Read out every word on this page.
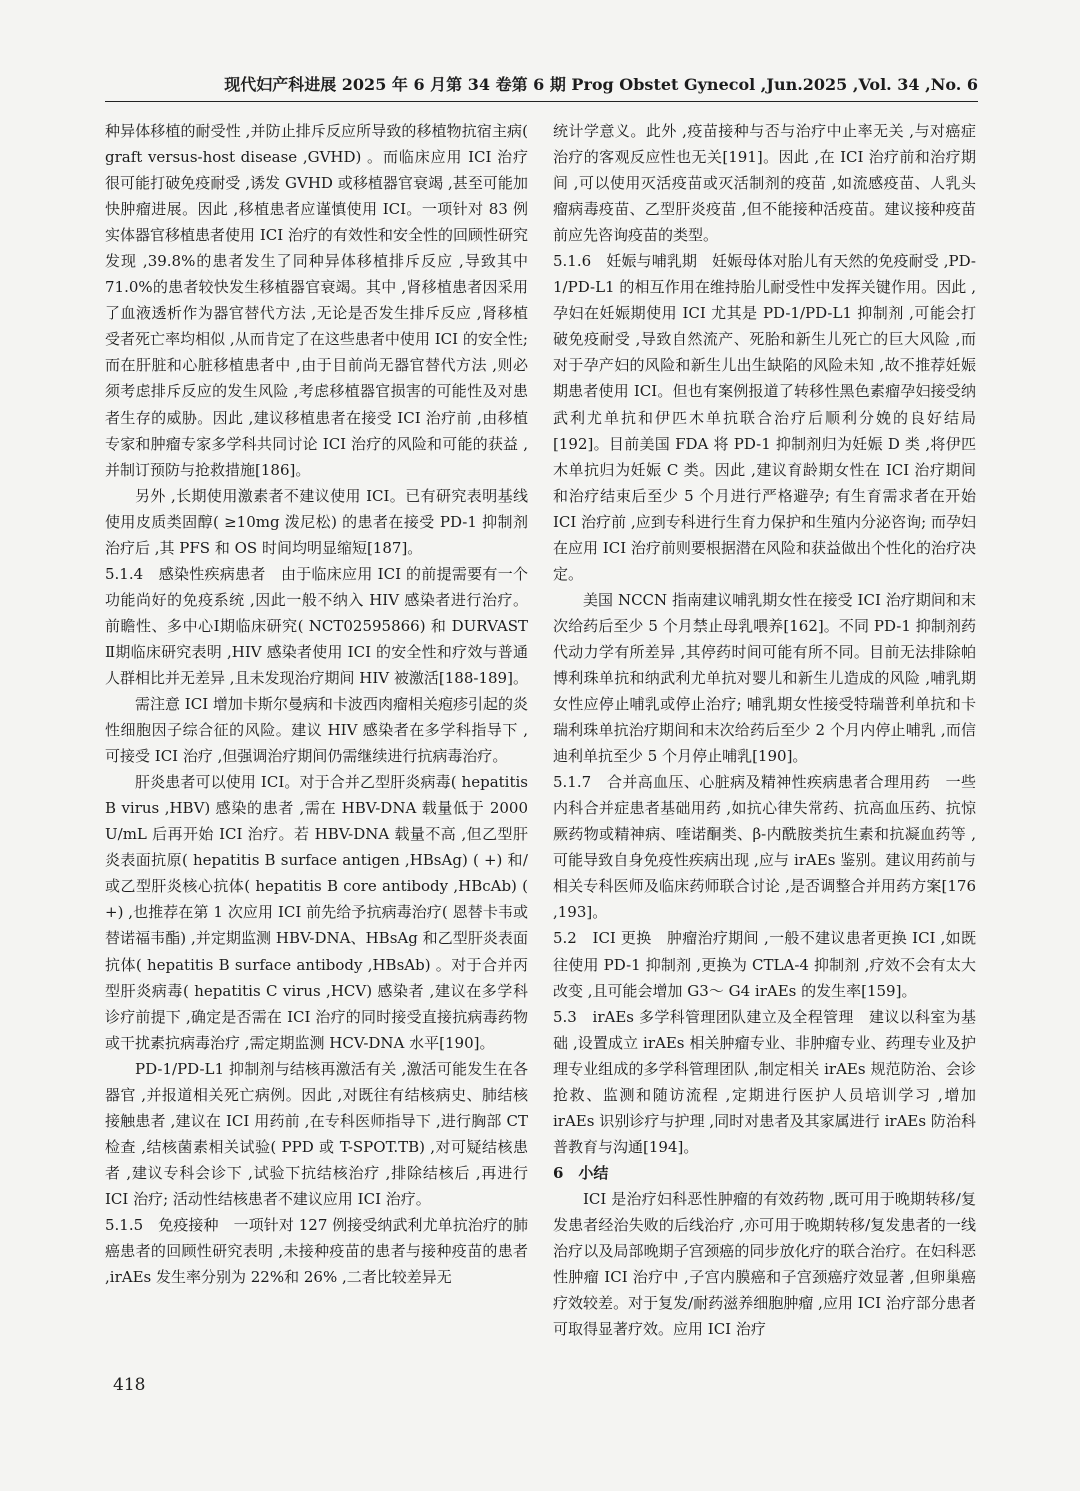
现代妇产科进展 2025 年 6 月第 34 卷第 6 期 Prog Obstet Gynecol ,Jun.2025 ,Vol. 34 ,No. 6

种异体移植的耐受性 ,并防止排斥反应所导致的移植物抗宿主病( graft versus-host disease ,GVHD) 。而临床应用 ICI 治疗很可能打破免疫耐受 ,诱发 GVHD 或移植器官衰竭 ,甚至可能加快肿瘤进展。因此 ,移植患者应谨慎使用 ICI。一项针对 83 例实体器官移植患者使用 ICI 治疗的有效性和安全性的回顾性研究发现 ,39.8%的患者发生了同种异体移植排斥反应 ,导致其中 71.0%的患者较快发生移植器官衰竭。其中 ,肾移植患者因采用了血液透析作为器官替代方法 ,无论是否发生排斥反应 ,肾移植受者死亡率均相似 ,从而肯定了在这些患者中使用 ICI 的安全性; 而在肝脏和心脏移植患者中 ,由于目前尚无器官替代方法 ,则必须考虑排斥反应的发生风险 ,考虑移植器官损害的可能性及对患者生存的威胁。因此 ,建议移植患者在接受 ICI 治疗前 ,由移植专家和肿瘤专家多学科共同讨论 ICI 治疗的风险和可能的获益 ,并制订预防与抢救措施[186]。

另外 ,长期使用激素者不建议使用 ICI。已有研究表明基线使用皮质类固醇( ≥10mg 泼尼松) 的患者在接受 PD-1 抑制剂治疗后 ,其 PFS 和 OS 时间均明显缩短[187]。

5.1.4　感染性疾病患者　由于临床应用 ICI 的前提需要有一个功能尚好的免疫系统 ,因此一般不纳入 HIV 感染者进行治疗。前瞻性、多中心Ⅰ期临床研究( NCT02595866) 和 DURVAST Ⅱ期临床研究表明 ,HIV 感染者使用 ICI 的安全性和疗效与普通人群相比并无差异 ,且未发现治疗期间 HIV 被激活[188-189]。

需注意 ICI 增加卡斯尔曼病和卡波西肉瘤相关疱疹引起的炎性细胞因子综合征的风险。建议 HIV 感染者在多学科指导下 ,可接受 ICI 治疗 ,但强调治疗期间仍需继续进行抗病毒治疗。

肝炎患者可以使用 ICI。对于合并乙型肝炎病毒( hepatitis B virus ,HBV) 感染的患者 ,需在 HBV-DNA 载量低于 2000 U/mL 后再开始 ICI 治疗。若 HBV-DNA 载量不高 ,但乙型肝炎表面抗原( hepatitis B surface antigen ,HBsAg) ( +) 和/或乙型肝炎核心抗体( hepatitis B core antibody ,HBcAb) ( +) ,也推荐在第 1 次应用 ICI 前先给予抗病毒治疗( 恩替卡韦或替诺福韦酯) ,并定期监测 HBV-DNA、HBsAg 和乙型肝炎表面抗体( hepatitis B surface antibody ,HBsAb) 。对于合并丙型肝炎病毒( hepatitis C virus ,HCV) 感染者 ,建议在多学科诊疗前提下 ,确定是否需在 ICI 治疗的同时接受直接抗病毒药物或干扰素抗病毒治疗 ,需定期监测 HCV-DNA 水平[190]。

PD-1/PD-L1 抑制剂与结核再激活有关 ,激活可能发生在各器官 ,并报道相关死亡病例。因此 ,对既往有结核病史、肺结核接触患者 ,建议在 ICI 用药前 ,在专科医师指导下 ,进行胸部 CT 检查 ,结核菌素相关试验( PPD 或 T-SPOT.TB) ,对可疑结核患者 ,建议专科会诊下 ,试验下抗结核治疗 ,排除结核后 ,再进行 ICI 治疗; 活动性结核患者不建议应用 ICI 治疗。

5.1.5　免疫接种　一项针对 127 例接受纳武利尤单抗治疗的肺癌患者的回顾性研究表明 ,未接种疫苗的患者与接种疫苗的患者 ,irAEs 发生率分别为 22%和 26% ,二者比较差异无

统计学意义。此外 ,疫苗接种与否与治疗中止率无关 ,与对癌症治疗的客观反应性也无关[191]。因此 ,在 ICI 治疗前和治疗期间 ,可以使用灭活疫苗或灭活制剂的疫苗 ,如流感疫苗、人乳头瘤病毒疫苗、乙型肝炎疫苗 ,但不能接种活疫苗。建议接种疫苗前应先咨询疫苗的类型。

5.1.6　妊娠与哺乳期　妊娠母体对胎儿有天然的免疫耐受 ,PD-1/PD-L1 的相互作用在维持胎儿耐受性中发挥关键作用。因此 ,孕妇在妊娠期使用 ICI 尤其是 PD-1/PD-L1 抑制剂 ,可能会打破免疫耐受 ,导致自然流产、死胎和新生儿死亡的巨大风险 ,而对于孕产妇的风险和新生儿出生缺陷的风险未知 ,故不推荐妊娠期患者使用 ICI。但也有案例报道了转移性黑色素瘤孕妇接受纳武利尤单抗和伊匹木单抗联合治疗后顺利分娩的良好结局[192]。目前美国 FDA 将 PD-1 抑制剂归为妊娠 D 类 ,将伊匹木单抗归为妊娠 C 类。因此 ,建议育龄期女性在 ICI 治疗期间和治疗结束后至少 5 个月进行严格避孕; 有生育需求者在开始 ICI 治疗前 ,应到专科进行生育力保护和生殖内分泌咨询; 而孕妇在应用 ICI 治疗前则要根据潜在风险和获益做出个性化的治疗决定。

美国 NCCN 指南建议哺乳期女性在接受 ICI 治疗期间和末次给药后至少 5 个月禁止母乳喂养[162]。不同 PD-1 抑制剂药代动力学有所差异 ,其停药时间可能有所不同。目前无法排除帕博利珠单抗和纳武利尤单抗对婴儿和新生儿造成的风险 ,哺乳期女性应停止哺乳或停止治疗; 哺乳期女性接受特瑞普利单抗和卡瑞利珠单抗治疗期间和末次给药后至少 2 个月内停止哺乳 ,而信迪利单抗至少 5 个月停止哺乳[190]。

5.1.7　合并高血压、心脏病及精神性疾病患者合理用药　一些内科合并症患者基础用药 ,如抗心律失常药、抗高血压药、抗惊厥药物或精神病、喹诺酮类、β-内酰胺类抗生素和抗凝血药等 ,可能导致自身免疫性疾病出现 ,应与 irAEs 鉴别。建议用药前与相关专科医师及临床药师联合讨论 ,是否调整合并用药方案[176 ,193]。

5.2　ICI 更换　肿瘤治疗期间 ,一般不建议患者更换 ICI ,如既往使用 PD-1 抑制剂 ,更换为 CTLA-4 抑制剂 ,疗效不会有太大改变 ,且可能会增加 G3～ G4 irAEs 的发生率[159]。

5.3　irAEs 多学科管理团队建立及全程管理　建议以科室为基础 ,设置成立 irAEs 相关肿瘤专业、非肿瘤专业、药理专业及护理专业组成的多学科管理团队 ,制定相关 irAEs 规范防治、会诊抢救、监测和随访流程 ,定期进行医护人员培训学习 ,增加 irAEs 识别诊疗与护理 ,同时对患者及其家属进行 irAEs 防治科普教育与沟通[194]。

6　小结

ICI 是治疗妇科恶性肿瘤的有效药物 ,既可用于晚期转移/复发患者经治失败的后线治疗 ,亦可用于晚期转移/复发患者的一线治疗以及局部晚期子宫颈癌的同步放化疗的联合治疗。在妇科恶性肿瘤 ICI 治疗中 ,子宫内膜癌和子宫颈癌疗效显著 ,但卵巢癌疗效较差。对于复发/耐药滋养细胞肿瘤 ,应用 ICI 治疗部分患者可取得显著疗效。应用 ICI 治疗

418
